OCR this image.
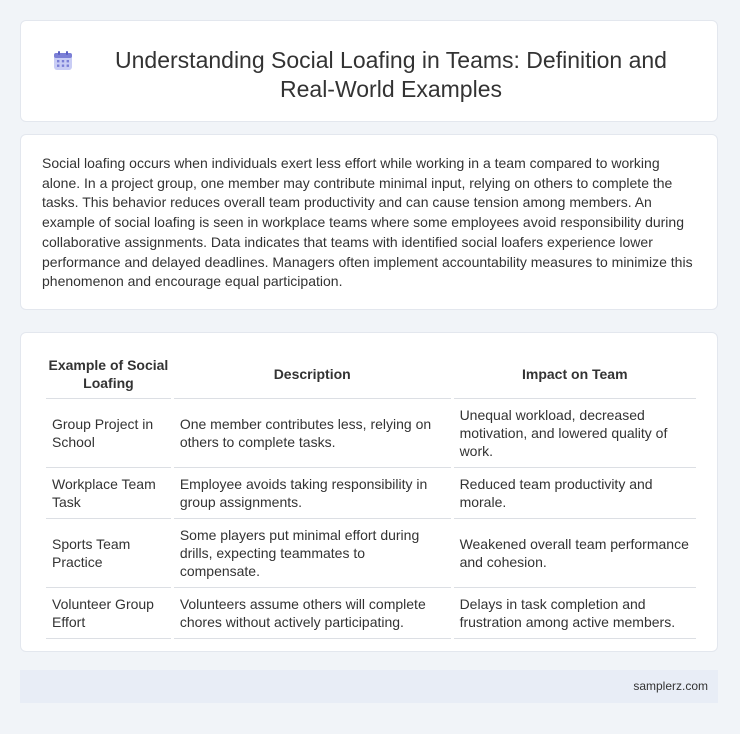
Understanding Social Loafing in Teams: Definition and Real-World Examples

Social loafing occurs when individuals exert less effort while working in a team compared to working alone. In a project group, one member may contribute minimal input, relying on others to complete the tasks. This behavior reduces overall team productivity and can cause tension among members. An example of social loafing is seen in workplace teams where some employees avoid responsibility during collaborative assignments. Data indicates that teams with identified social loafers experience lower performance and delayed deadlines. Managers often implement accountability measures to minimize this phenomenon and encourage equal participation.

Example of Social Loafing	Description	Impact on Team
Group Project in School	One member contributes less, relying on others to complete tasks.	Unequal workload, decreased motivation, and lowered quality of work.
Workplace Team Task	Employee avoids taking responsibility in group assignments.	Reduced team productivity and morale.
Sports Team Practice	Some players put minimal effort during drills, expecting teammates to compensate.	Weakened overall team performance and cohesion.
Volunteer Group Effort	Volunteers assume others will complete chores without actively participating.	Delays in task completion and frustration among active members.
samplerz.com
